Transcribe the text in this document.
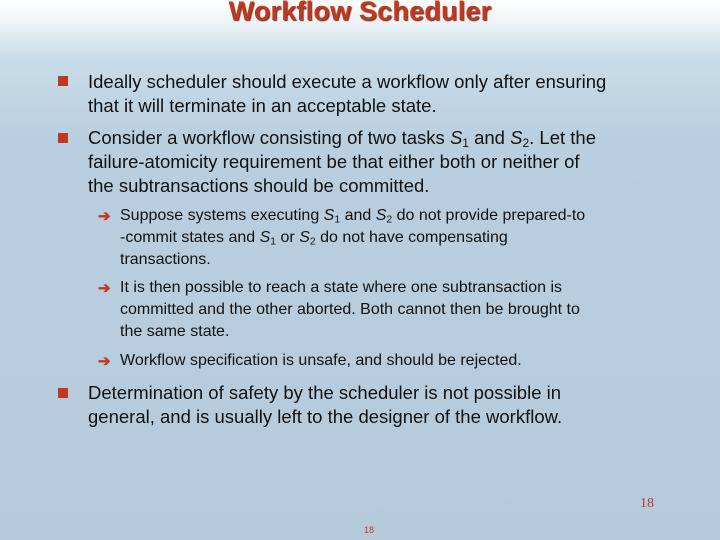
Workflow Scheduler
Ideally scheduler should execute a workflow only after ensuring
that it will terminate in an acceptable state.
Consider a workflow consisting of two tasks $S_1$ and $S_2$. Let the
failure-atomicity requirement be that either both or neither of
the subtransactions should be committed.
➔ Suppose systems executing $S_1$ and $S_2$ do not provide prepared-to
-commit states and $S_1$ or $S_2$ do not have compensating
transactions.
➔ It is then possible to reach a state where one subtransaction is
committed and the other aborted. Both cannot then be brought to
the same state.
➔ Workflow specification is unsafe, and should be rejected.
Determination of safety by the scheduler is not possible in
general, and is usually left to the designer of the workflow.
18
18
